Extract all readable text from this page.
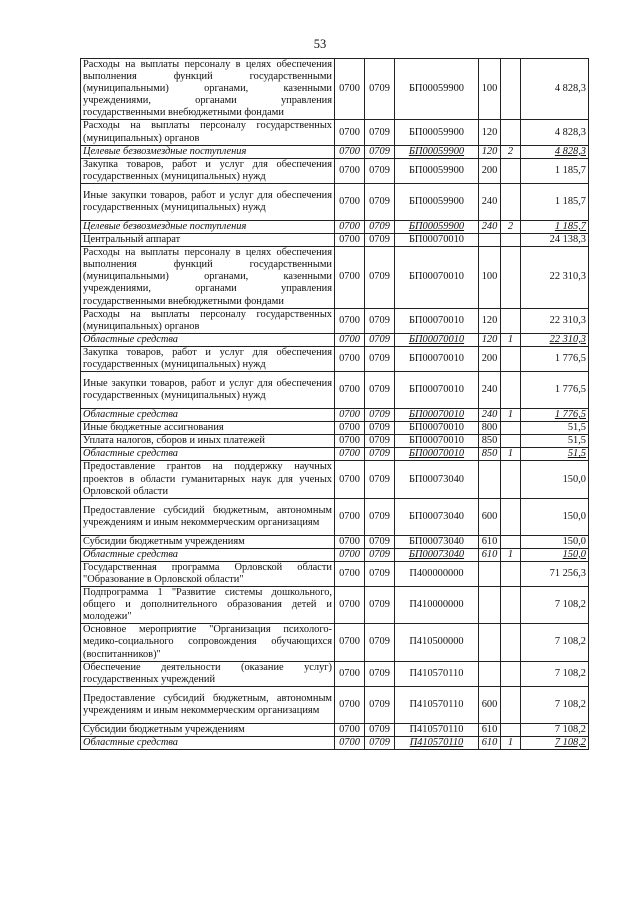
53
Расходы на выплаты персоналу в целях обеспечения выполнения функций государственными (муниципальными) органами, казенными учреждениями, органами управления государственными внебюджетными фондами	0700	0709	БП00059900	100		4 828,3
Расходы на выплаты персоналу государственных (муниципальных) органов	0700	0709	БП00059900	120		4 828,3
Целевые безвозмездные поступления	0700	0709	БП00059900	120	2	4 828,3
Закупка товаров, работ и услуг для обеспечения государственных (муниципальных) нужд	0700	0709	БП00059900	200		1 185,7
Иные закупки товаров, работ и услуг для обеспечения государственных (муниципальных) нужд	0700	0709	БП00059900	240		1 185,7
Целевые безвозмездные поступления	0700	0709	БП00059900	240	2	1 185,7
Центральный аппарат	0700	0709	БП00070010			24 138,3
Расходы на выплаты персоналу в целях обеспечения выполнения функций государственными (муниципальными) органами, казенными учреждениями, органами управления государственными внебюджетными фондами	0700	0709	БП00070010	100		22 310,3
Расходы на выплаты персоналу государственных (муниципальных) органов	0700	0709	БП00070010	120		22 310,3
Областные средства	0700	0709	БП00070010	120	1	22 310,3
Закупка товаров, работ и услуг для обеспечения государственных (муниципальных) нужд	0700	0709	БП00070010	200		1 776,5
Иные закупки товаров, работ и услуг для обеспечения государственных (муниципальных) нужд	0700	0709	БП00070010	240		1 776,5
Областные средства	0700	0709	БП00070010	240	1	1 776,5
Иные бюджетные ассигнования	0700	0709	БП00070010	800		51,5
Уплата налогов, сборов и иных платежей	0700	0709	БП00070010	850		51,5
Областные средства	0700	0709	БП00070010	850	1	51,5
Предоставление грантов на поддержку научных проектов в области гуманитарных наук для ученых Орловской области	0700	0709	БП00073040			150,0
Предоставление субсидий бюджетным, автономным учреждениям и иным некоммерческим организациям	0700	0709	БП00073040	600		150,0
Субсидии бюджетным учреждениям	0700	0709	БП00073040	610		150,0
Областные средства	0700	0709	БП00073040	610	1	150,0
Государственная программа Орловской области "Образование в Орловской области"	0700	0709	П400000000			71 256,3
Подпрограмма 1 "Развитие системы дошкольного, общего и дополнительного образования детей и молодежи"	0700	0709	П410000000			7 108,2
Основное мероприятие "Организация психолого-медико-социального сопровождения обучающихся (воспитанников)"	0700	0709	П410500000			7 108,2
Обеспечение деятельности (оказание услуг) государственных учреждений	0700	0709	П410570110			7 108,2
Предоставление субсидий бюджетным, автономным учреждениям и иным некоммерческим организациям	0700	0709	П410570110	600		7 108,2
Субсидии бюджетным учреждениям	0700	0709	П410570110	610		7 108,2
Областные средства	0700	0709	П410570110	610	1	7 108,2
